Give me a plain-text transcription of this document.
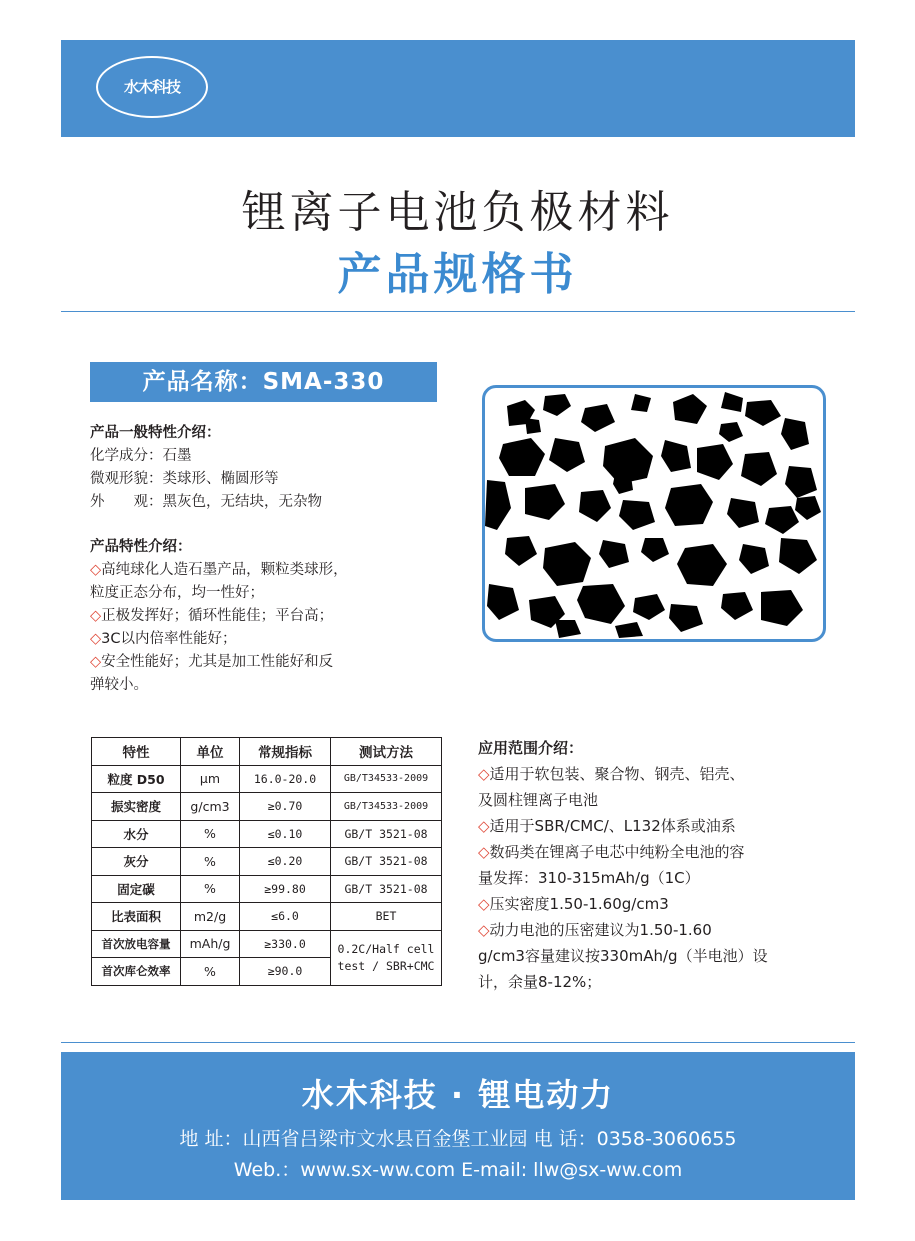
水木科技
锂离子电池负极材料
产品规格书
产品名称：SMA-330
产品一般特性介绍：
化学成分：石墨
微观形貌：类球形、椭圆形等
外　　观：黑灰色，无结块，无杂物
产品特性介绍：
◇高纯球化人造石墨产品，颗粒类球形，
粒度正态分布，均一性好；
◇正极发挥好；循环性能佳；平台高；
◇3C以内倍率性能好；
◇安全性能好；尤其是加工性能好和反
弹较小。
特性	单位	常规指标	测试方法
粒度 D50	μm	16.0-20.0	GB/T34533-2009
振实密度	g/cm3	≥0.70	GB/T34533-2009
水分	%	≤0.10	GB/T 3521-08
灰分	%	≤0.20	GB/T 3521-08
固定碳	%	≥99.80	GB/T 3521-08
比表面积	m2/g	≤6.0	BET
首次放电容量	mAh/g	≥330.0	0.2C/Half cell test / SBR+CMC
首次库仑效率	%	≥90.0	
应用范围介绍：
◇适用于软包装、聚合物、钢壳、铝壳、
及圆柱锂离子电池
◇适用于SBR/CMC/、L132体系或油系
◇数码类在锂离子电芯中纯粉全电池的容
量发挥：310-315mAh/g（1C）
◇压实密度1.50-1.60g/cm3
◇动力电池的压密建议为1.50-1.60
g/cm3容量建议按330mAh/g（半电池）设
计，余量8-12%；
水木科技 · 锂电动力
地 址：山西省吕梁市文水县百金堡工业园 电 话：0358-3060655
Web.：www.sx-ww.com E-mail: llw@sx-ww.com
